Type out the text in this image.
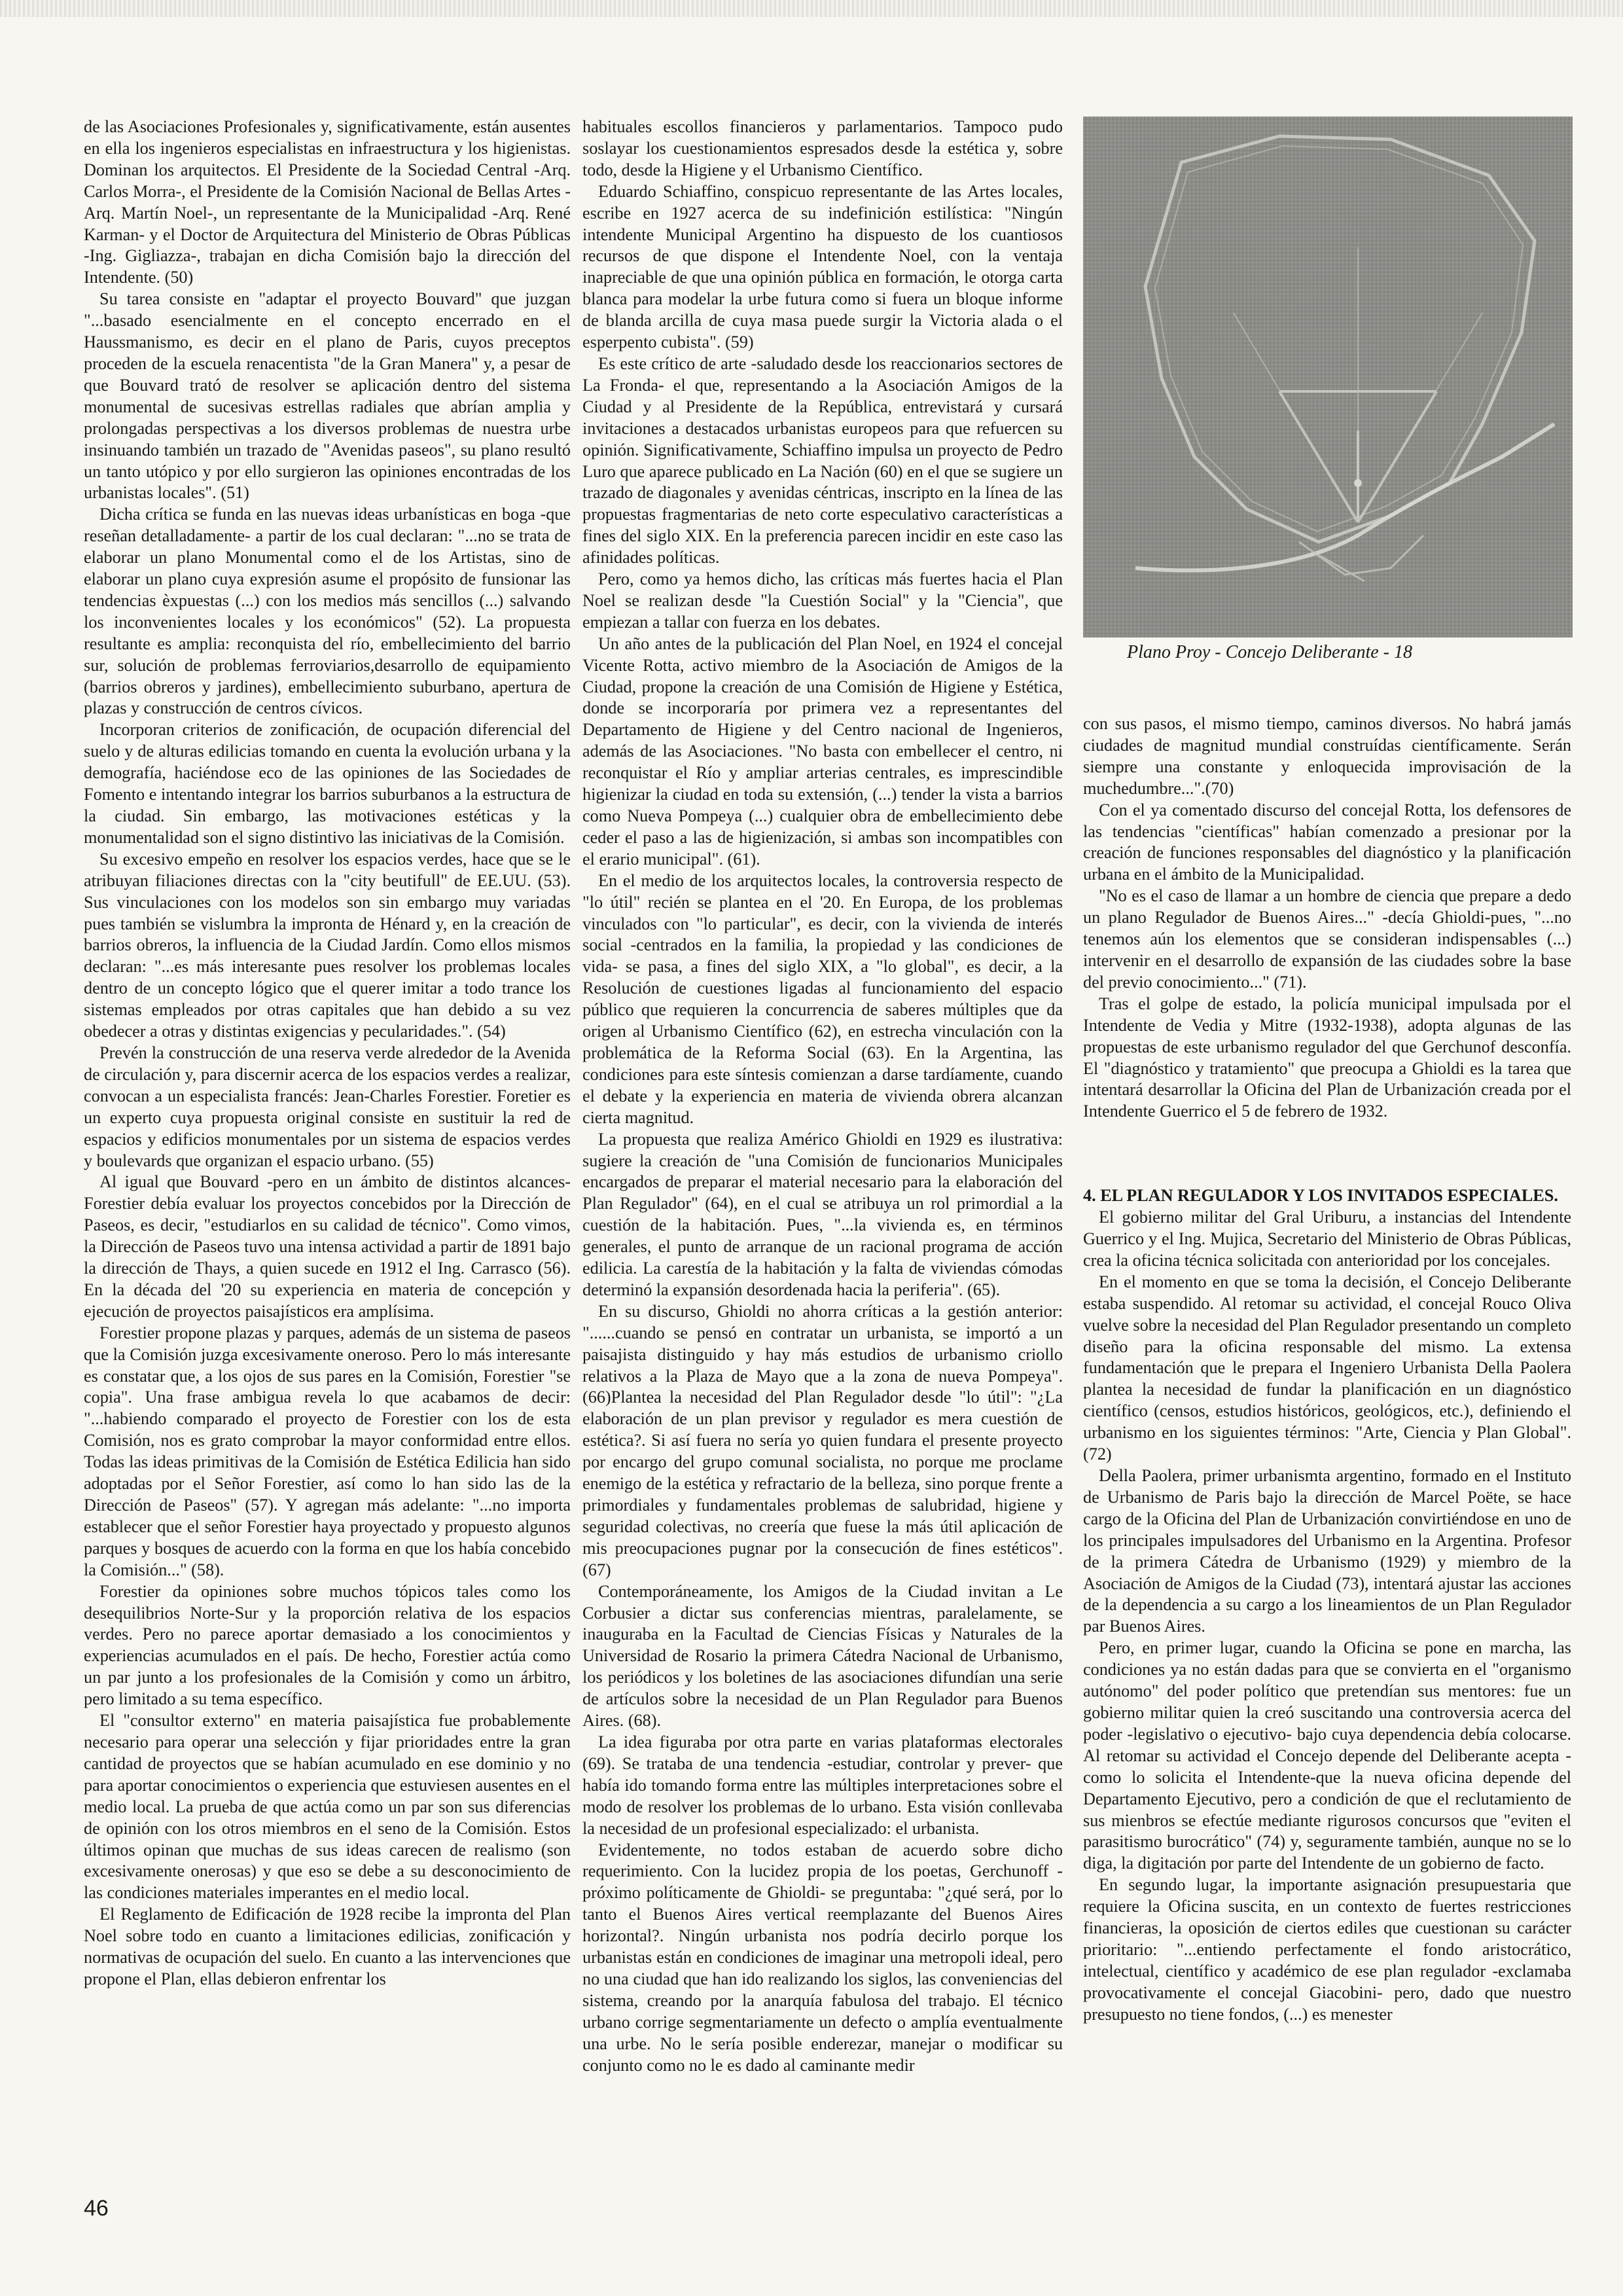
de las Asociaciones Profesionales y, significativamente, están ausentes en ella los ingenieros especialistas en infraestructura y los higienistas. Dominan los arquitectos. El Presidente de la Sociedad Central -Arq. Carlos Morra-, el Presidente de la Comisión Nacional de Bellas Artes -Arq. Martín Noel-, un representante de la Municipalidad -Arq. René Karman- y el Doctor de Arquitectura del Ministerio de Obras Públicas -Ing. Gigliazza-, trabajan en dicha Comisión bajo la dirección del Intendente. (50)

Su tarea consiste en "adaptar el proyecto Bouvard" que juzgan "...basado esencialmente en el concepto encerrado en el Haussmanismo, es decir en el plano de Paris, cuyos preceptos proceden de la escuela renacentista "de la Gran Manera" y, a pesar de que Bouvard trató de resolver se aplicación dentro del sistema monumental de sucesivas estrellas radiales que abrían amplia y prolongadas perspectivas a los diversos problemas de nuestra urbe insinuando también un trazado de "Avenidas paseos", su plano resultó un tanto utópico y por ello surgieron las opiniones encontradas de los urbanistas locales". (51)

Dicha crítica se funda en las nuevas ideas urbanísticas en boga -que reseñan detalladamente- a partir de los cual declaran: "...no se trata de elaborar un plano Monumental como el de los Artistas, sino de elaborar un plano cuya expresión asume el propósito de funsionar las tendencias èxpuestas (...) con los medios más sencillos (...) salvando los inconvenientes locales y los económicos" (52). La propuesta resultante es amplia: reconquista del río, embellecimiento del barrio sur, solución de problemas ferroviarios,desarrollo de equipamiento (barrios obreros y jardines), embellecimiento suburbano, apertura de plazas y construcción de centros cívicos.

Incorporan criterios de zonificación, de ocupación diferencial del suelo y de alturas edilicias tomando en cuenta la evolución urbana y la demografía, haciéndose eco de las opiniones de las Sociedades de Fomento e intentando integrar los barrios suburbanos a la estructura de la ciudad. Sin embargo, las motivaciones estéticas y la monumentalidad son el signo distintivo las iniciativas de la Comisión.

Su excesivo empeño en resolver los espacios verdes, hace que se le atribuyan filiaciones directas con la "city beutifull" de EE.UU. (53). Sus vinculaciones con los modelos son sin embargo muy variadas pues también se vislumbra la impronta de Hénard y, en la creación de barrios obreros, la influencia de la Ciudad Jardín. Como ellos mismos declaran: "...es más interesante pues resolver los problemas locales dentro de un concepto lógico que el querer imitar a todo trance los sistemas empleados por otras capitales que han debido a su vez obedecer a otras y distintas exigencias y pecularidades.". (54)

Prevén la construcción de una reserva verde alrededor de la Avenida de circulación y, para discernir acerca de los espacios verdes a realizar, convocan a un especialista francés: Jean-Charles Forestier. Foretier es un experto cuya propuesta original consiste en sustituir la red de espacios y edificios monumentales por un sistema de espacios verdes y boulevards que organizan el espacio urbano. (55)

Al igual que Bouvard -pero en un ámbito de distintos alcances- Forestier debía evaluar los proyectos concebidos por la Dirección de Paseos, es decir, "estudiarlos en su calidad de técnico". Como vimos, la Dirección de Paseos tuvo una intensa actividad a partir de 1891 bajo la dirección de Thays, a quien sucede en 1912 el Ing. Carrasco (56). En la década del '20 su experiencia en materia de concepción y ejecución de proyectos paisajísticos era amplísima.

Forestier propone plazas y parques, además de un sistema de paseos que la Comisión juzga excesivamente oneroso. Pero lo más interesante es constatar que, a los ojos de sus pares en la Comisión, Forestier "se copia". Una frase ambigua revela lo que acabamos de decir: "...habiendo comparado el proyecto de Forestier con los de esta Comisión, nos es grato comprobar la mayor conformidad entre ellos. Todas las ideas primitivas de la Comisión de Estética Edilicia han sido adoptadas por el Señor Forestier, así como lo han sido las de la Dirección de Paseos" (57). Y agregan más adelante: "...no importa establecer que el señor Forestier haya proyectado y propuesto algunos parques y bosques de acuerdo con la forma en que los había concebido la Comisión..." (58).

Forestier da opiniones sobre muchos tópicos tales como los desequilibrios Norte-Sur y la proporción relativa de los espacios verdes. Pero no parece aportar demasiado a los conocimientos y experiencias acumulados en el país. De hecho, Forestier actúa como un par junto a los profesionales de la Comisión y como un árbitro, pero limitado a su tema específico.

El "consultor externo" en materia paisajística fue probablemente necesario para operar una selección y fijar prioridades entre la gran cantidad de proyectos que se habían acumulado en ese dominio y no para aportar conocimientos o experiencia que estuviesen ausentes en el medio local. La prueba de que actúa como un par son sus diferencias de opinión con los otros miembros en el seno de la Comisión. Estos últimos opinan que muchas de sus ideas carecen de realismo (son excesivamente onerosas) y que eso se debe a su desconocimiento de las condiciones materiales imperantes en el medio local.

El Reglamento de Edificación de 1928 recibe la impronta del Plan Noel sobre todo en cuanto a limitaciones edilicias, zonificación y normativas de ocupación del suelo. En cuanto a las intervenciones que propone el Plan, ellas debieron enfrentar los

habituales escollos financieros y parlamentarios. Tampoco pudo soslayar los cuestionamientos espresados desde la estética y, sobre todo, desde la Higiene y el Urbanismo Científico.

Eduardo Schiaffino, conspicuo representante de las Artes locales, escribe en 1927 acerca de su indefinición estilística: "Ningún intendente Municipal Argentino ha dispuesto de los cuantiosos recursos de que dispone el Intendente Noel, con la ventaja inapreciable de que una opinión pública en formación, le otorga carta blanca para modelar la urbe futura como si fuera un bloque informe de blanda arcilla de cuya masa puede surgir la Victoria alada o el esperpento cubista". (59)

Es este crítico de arte -saludado desde los reaccionarios sectores de La Fronda- el que, representando a la Asociación Amigos de la Ciudad y al Presidente de la República, entrevistará y cursará invitaciones a destacados urbanistas europeos para que refuercen su opinión. Significativamente, Schiaffino impulsa un proyecto de Pedro Luro que aparece publicado en La Nación (60) en el que se sugiere un trazado de diagonales y avenidas céntricas, inscripto en la línea de las propuestas fragmentarias de neto corte especulativo características a fines del siglo XIX. En la preferencia parecen incidir en este caso las afinidades políticas.

Pero, como ya hemos dicho, las críticas más fuertes hacia el Plan Noel se realizan desde "la Cuestión Social" y la "Ciencia", que empiezan a tallar con fuerza en los debates.

Un año antes de la publicación del Plan Noel, en 1924 el concejal Vicente Rotta, activo miembro de la Asociación de Amigos de la Ciudad, propone la creación de una Comisión de Higiene y Estética, donde se incorporaría por primera vez a representantes del Departamento de Higiene y del Centro nacional de Ingenieros, además de las Asociaciones. "No basta con embellecer el centro, ni reconquistar el Río y ampliar arterias centrales, es imprescindible higienizar la ciudad en toda su extensión, (...) tender la vista a barrios como Nueva Pompeya (...) cualquier obra de embellecimiento debe ceder el paso a las de higienización, si ambas son incompatibles con el erario municipal". (61).

En el medio de los arquitectos locales, la controversia respecto de "lo útil" recién se plantea en el '20. En Europa, de los problemas vinculados con "lo particular", es decir, con la vivienda de interés social -centrados en la familia, la propiedad y las condiciones de vida- se pasa, a fines del siglo XIX, a "lo global", es decir, a la Resolución de cuestiones ligadas al funcionamiento del espacio público que requieren la concurrencia de saberes múltiples que da origen al Urbanismo Científico (62), en estrecha vinculación con la problemática de la Reforma Social (63). En la Argentina, las condiciones para este síntesis comienzan a darse tardíamente, cuando el debate y la experiencia en materia de vivienda obrera alcanzan cierta magnitud.

La propuesta que realiza Américo Ghioldi en 1929 es ilustrativa: sugiere la creación de "una Comisión de funcionarios Municipales encargados de preparar el material necesario para la elaboración del Plan Regulador" (64), en el cual se atribuya un rol primordial a la cuestión de la habitación. Pues, "...la vivienda es, en términos generales, el punto de arranque de un racional programa de acción edilicia. La carestía de la habitación y la falta de viviendas cómodas determinó la expansión desordenada hacia la periferia". (65).

En su discurso, Ghioldi no ahorra críticas a la gestión anterior: "......cuando se pensó en contratar un urbanista, se importó a un paisajista distinguido y hay más estudios de urbanismo criollo relativos a la Plaza de Mayo que a la zona de nueva Pompeya". (66)Plantea la necesidad del Plan Regulador desde "lo útil": "¿La elaboración de un plan previsor y regulador es mera cuestión de estética?. Si así fuera no sería yo quien fundara el presente proyecto por encargo del grupo comunal socialista, no porque me proclame enemigo de la estética y refractario de la belleza, sino porque frente a primordiales y fundamentales problemas de salubridad, higiene y seguridad colectivas, no creería que fuese la más útil aplicación de mis preocupaciones pugnar por la consecución de fines estéticos". (67)

Contemporáneamente, los Amigos de la Ciudad invitan a Le Corbusier a dictar sus conferencias mientras, paralelamente, se inauguraba en la Facultad de Ciencias Físicas y Naturales de la Universidad de Rosario la primera Cátedra Nacional de Urbanismo, los periódicos y los boletines de las asociaciones difundían una serie de artículos sobre la necesidad de un Plan Regulador para Buenos Aires. (68).

La idea figuraba por otra parte en varias plataformas electorales (69). Se trataba de una tendencia -estudiar, controlar y prever- que había ido tomando forma entre las múltiples interpretaciones sobre el modo de resolver los problemas de lo urbano. Esta visión conllevaba la necesidad de un profesional especializado: el urbanista.

Evidentemente, no todos estaban de acuerdo sobre dicho requerimiento. Con la lucidez propia de los poetas, Gerchunoff -próximo políticamente de Ghioldi- se preguntaba: "¿qué será, por lo tanto el Buenos Aires vertical reemplazante del Buenos Aires horizontal?. Ningún urbanista nos podría decirlo porque los urbanistas están en condiciones de imaginar una metropoli ideal, pero no una ciudad que han ido realizando los siglos, las conveniencias del sistema, creando por la anarquía fabulosa del trabajo. El técnico urbano corrige segmentariamente un defecto o amplía eventualmente una urbe. No le sería posible enderezar, manejar o modificar su conjunto como no le es dado al caminante medir

Plano Proy - Concejo Deliberante - 18

con sus pasos, el mismo tiempo, caminos diversos. No habrá jamás ciudades de magnitud mundial construídas científicamente. Serán siempre una constante y enloquecida improvisación de la muchedumbre...".(70)

Con el ya comentado discurso del concejal Rotta, los defensores de las tendencias "científicas" habían comenzado a presionar por la creación de funciones responsables del diagnóstico y la planificación urbana en el ámbito de la Municipalidad.

"No es el caso de llamar a un hombre de ciencia que prepare a dedo un plano Regulador de Buenos Aires..." -decía Ghioldi-pues, "...no tenemos aún los elementos que se consideran indispensables (...) intervenir en el desarrollo de expansión de las ciudades sobre la base del previo conocimiento..." (71).

Tras el golpe de estado, la policía municipal impulsada por el Intendente de Vedia y Mitre (1932-1938), adopta algunas de las propuestas de este urbanismo regulador del que Gerchunof desconfía. El "diagnóstico y tratamiento" que preocupa a Ghioldi es la tarea que intentará desarrollar la Oficina del Plan de Urbanización creada por el Intendente Guerrico el 5 de febrero de 1932.

4. EL PLAN REGULADOR Y LOS INVITADOS ESPECIALES.

El gobierno militar del Gral Uriburu, a instancias del Intendente Guerrico y el Ing. Mujica, Secretario del Ministerio de Obras Públicas, crea la oficina técnica solicitada con anterioridad por los concejales.

En el momento en que se toma la decisión, el Concejo Deliberante estaba suspendido. Al retomar su actividad, el concejal Rouco Oliva vuelve sobre la necesidad del Plan Regulador presentando un completo diseño para la oficina responsable del mismo. La extensa fundamentación que le prepara el Ingeniero Urbanista Della Paolera plantea la necesidad de fundar la planificación en un diagnóstico científico (censos, estudios históricos, geológicos, etc.), definiendo el urbanismo en los siguientes términos: "Arte, Ciencia y Plan Global". (72)

Della Paolera, primer urbanismta argentino, formado en el Instituto de Urbanismo de Paris bajo la dirección de Marcel Poëte, se hace cargo de la Oficina del Plan de Urbanización convirtiéndose en uno de los principales impulsadores del Urbanismo en la Argentina. Profesor de la primera Cátedra de Urbanismo (1929) y miembro de la Asociación de Amigos de la Ciudad (73), intentará ajustar las acciones de la dependencia a su cargo a los lineamientos de un Plan Regulador par Buenos Aires.

Pero, en primer lugar, cuando la Oficina se pone en marcha, las condiciones ya no están dadas para que se convierta en el "organismo autónomo" del poder político que pretendían sus mentores: fue un gobierno militar quien la creó suscitando una controversia acerca del poder -legislativo o ejecutivo- bajo cuya dependencia debía colocarse. Al retomar su actividad el Concejo depende del Deliberante acepta -como lo solicita el Intendente-que la nueva oficina depende del Departamento Ejecutivo, pero a condición de que el reclutamiento de sus mienbros se efectúe mediante rigurosos concursos que "eviten el parasitismo burocrático" (74) y, seguramente también, aunque no se lo diga, la digitación por parte del Intendente de un gobierno de facto.

En segundo lugar, la importante asignación presupuestaria que requiere la Oficina suscita, en un contexto de fuertes restricciones financieras, la oposición de ciertos ediles que cuestionan su carácter prioritario: "...entiendo perfectamente el fondo aristocrático, intelectual, científico y académico de ese plan regulador -exclamaba provocativamente el concejal Giacobini- pero, dado que nuestro presupuesto no tiene fondos, (...) es menester

46
